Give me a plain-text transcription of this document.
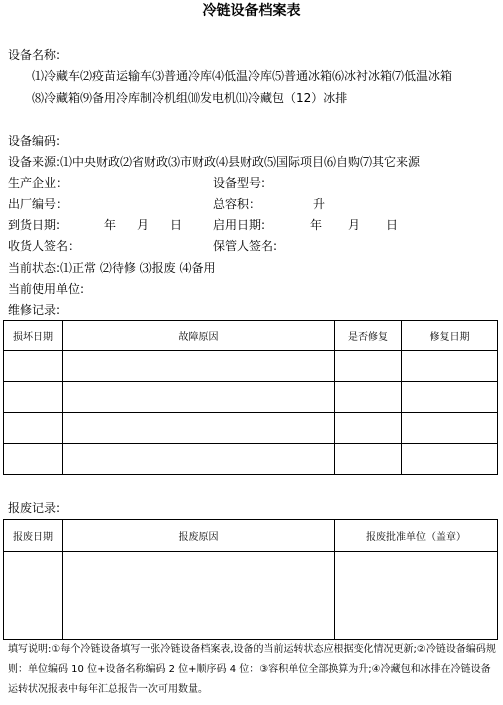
冷链设备档案表
设备名称:
⑴冷藏车⑵疫苗运输车⑶普通冷库⑷低温冷库⑸普通冰箱⑹冰衬冰箱⑺低温冰箱
⑻冷藏箱⑼备用冷库制冷机组⑽发电机⑾冷藏包（12）冰排
设备编码:
设备来源:⑴中央财政⑵省财政⑶市财政⑷县财政⑸国际项目⑹自购⑺其它来源
生产企业：	设备型号:
出厂编号：	总容积：	升
到货日期:	年 月 日	启用日期:	年 月 日
收货人签名：	保管人签名:
当前状态:⑴正常 ⑵待修 ⑶报废 ⑷备用
当前使用单位:
维修记录:
损坏日期	故障原因	是否修复	修复日期

报废记录:
报废日期	报废原因	报废批准单位（盖章）

填写说明:①每个冷链设备填写一张冷链设备档案表,设备的当前运转状态应根据变化情况更新;②冷链设备编码规则：单位编码 10 位+设备名称编码 2 位+顺序码 4 位：③容积单位全部换算为升;④冷藏包和冰排在冷链设备运转状况报表中每年汇总报告一次可用数量。
